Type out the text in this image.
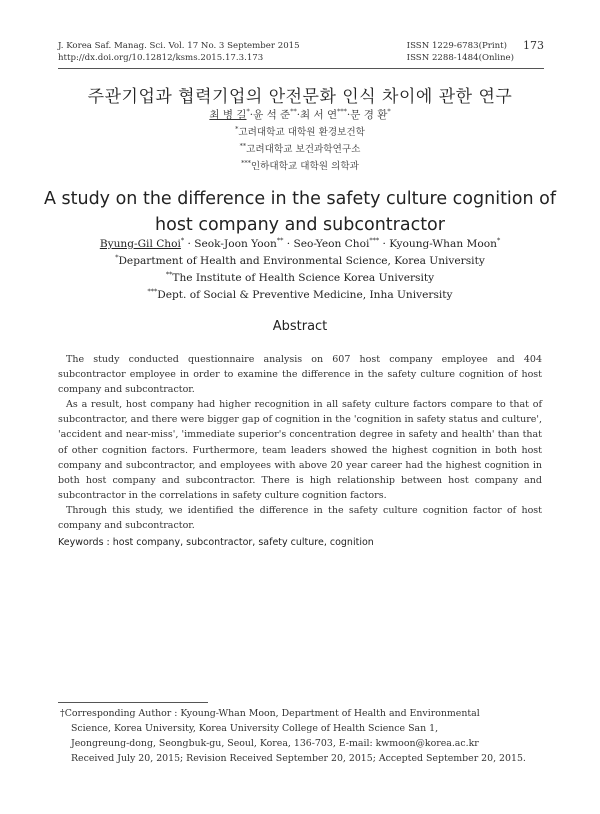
J. Korea Saf. Manag. Sci. Vol. 17 No. 3 September 2015
http://dx.doi.org/10.12812/ksms.2015.17.3.173
ISSN 1229-6783(Print)
ISSN 2288-1484(Online)
173
주관기업과 협력기업의 안전문화 인식 차이에 관한 연구
최 병 길*·윤 석 준**·최 서 연***·문 경 환*
*고려대학교 대학원 환경보건학
**고려대학교 보건과학연구소
***인하대학교 대학원 의학과
A study on the difference in the safety culture cognition of
host company and subcontractor
Byung-Gil Choi* · Seok-Joon Yoon** · Seo-Yeon Choi*** · Kyoung-Whan Moon*
*Department of Health and Environmental Science, Korea University
**The Institute of Health Science Korea University
***Dept. of Social & Preventive Medicine, Inha University
Abstract

The study conducted questionnaire analysis on 607 host company employee and 404 subcontractor employee in order to examine the difference in the safety culture cognition of host company and subcontractor.

As a result, host company had higher recognition in all safety culture factors compare to that of subcontractor, and there were bigger gap of cognition in the 'cognition in safety status and culture', 'accident and near-miss', 'immediate superior's concentration degree in safety and health' than that of other cognition factors. Furthermore, team leaders showed the highest cognition in both host company and subcontractor, and employees with above 20 year career had the highest cognition in both host company and subcontractor. There is high relationship between host company and subcontractor in the correlations in safety culture cognition factors.

Through this study, we identified the difference in the safety culture cognition factor of host company and subcontractor.

Keywords : host company, subcontractor, safety culture, cognition
†Corresponding Author : Kyoung-Whan Moon, Department of Health and Environmental
Science, Korea University, Korea University College of Health Science San 1,
Jeongreung-dong, Seongbuk-gu, Seoul, Korea, 136-703, E-mail: kwmoon@korea.ac.kr
Received July 20, 2015; Revision Received September 20, 2015; Accepted September 20, 2015.
